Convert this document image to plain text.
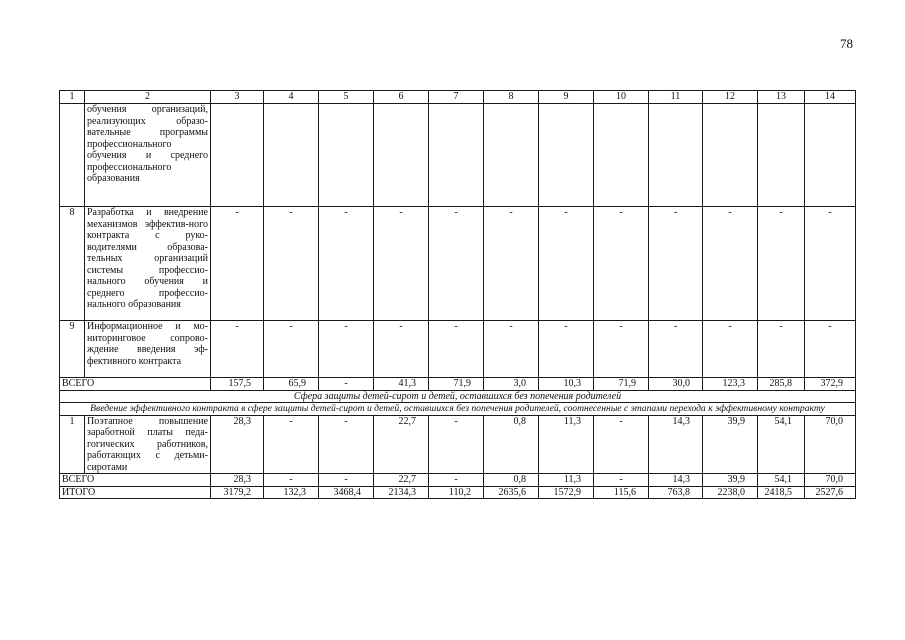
78
1	2	3	4	5	6	7	8	9	10	11	12	13	14
	обучения организаций, реализующих образо-вательные программы профессионального обучения и среднего профессионального образования												
8	Разработка и внедрение механизмов эффектив-ного контракта с руко-водителями образова-тельных организаций системы профессио-нального обучения и среднего профессио-нального образования	-	-	-	-	-	-	-	-	-	-	-	-
9	Информационное и мо-ниторинговое сопрово-ждение введения эф-фективного контракта	-	-	-	-	-	-	-	-	-	-	-	-
ВСЕГО		157,5	65,9	-	41,3	71,9	3,0	10,3	71,9	30,0	123,3	285,8	372,9
Сфера защиты детей-сирот и детей, оставшихся без попечения родителей													
Введение эффективного контракта в сфере защиты детей-сирот и детей, оставшихся без попечения родителей, соотнесенные с этапами перехода к эффективному контракту													
1	Поэтапное повышение заработной платы педа-гогических работников, работающих с детьми-сиротами	28,3	-	-	22,7	-	0,8	11,3	-	14,3	39,9	54,1	70,0
ВСЕГО		28,3	-	-	22,7	-	0,8	11,3	-	14,3	39,9	54,1	70,0
ИТОГО		3179,2	132,3	3468,4	2134,3	110,2	2635,6	1572,9	115,6	763,8	2238,0	2418,5	2527,6
